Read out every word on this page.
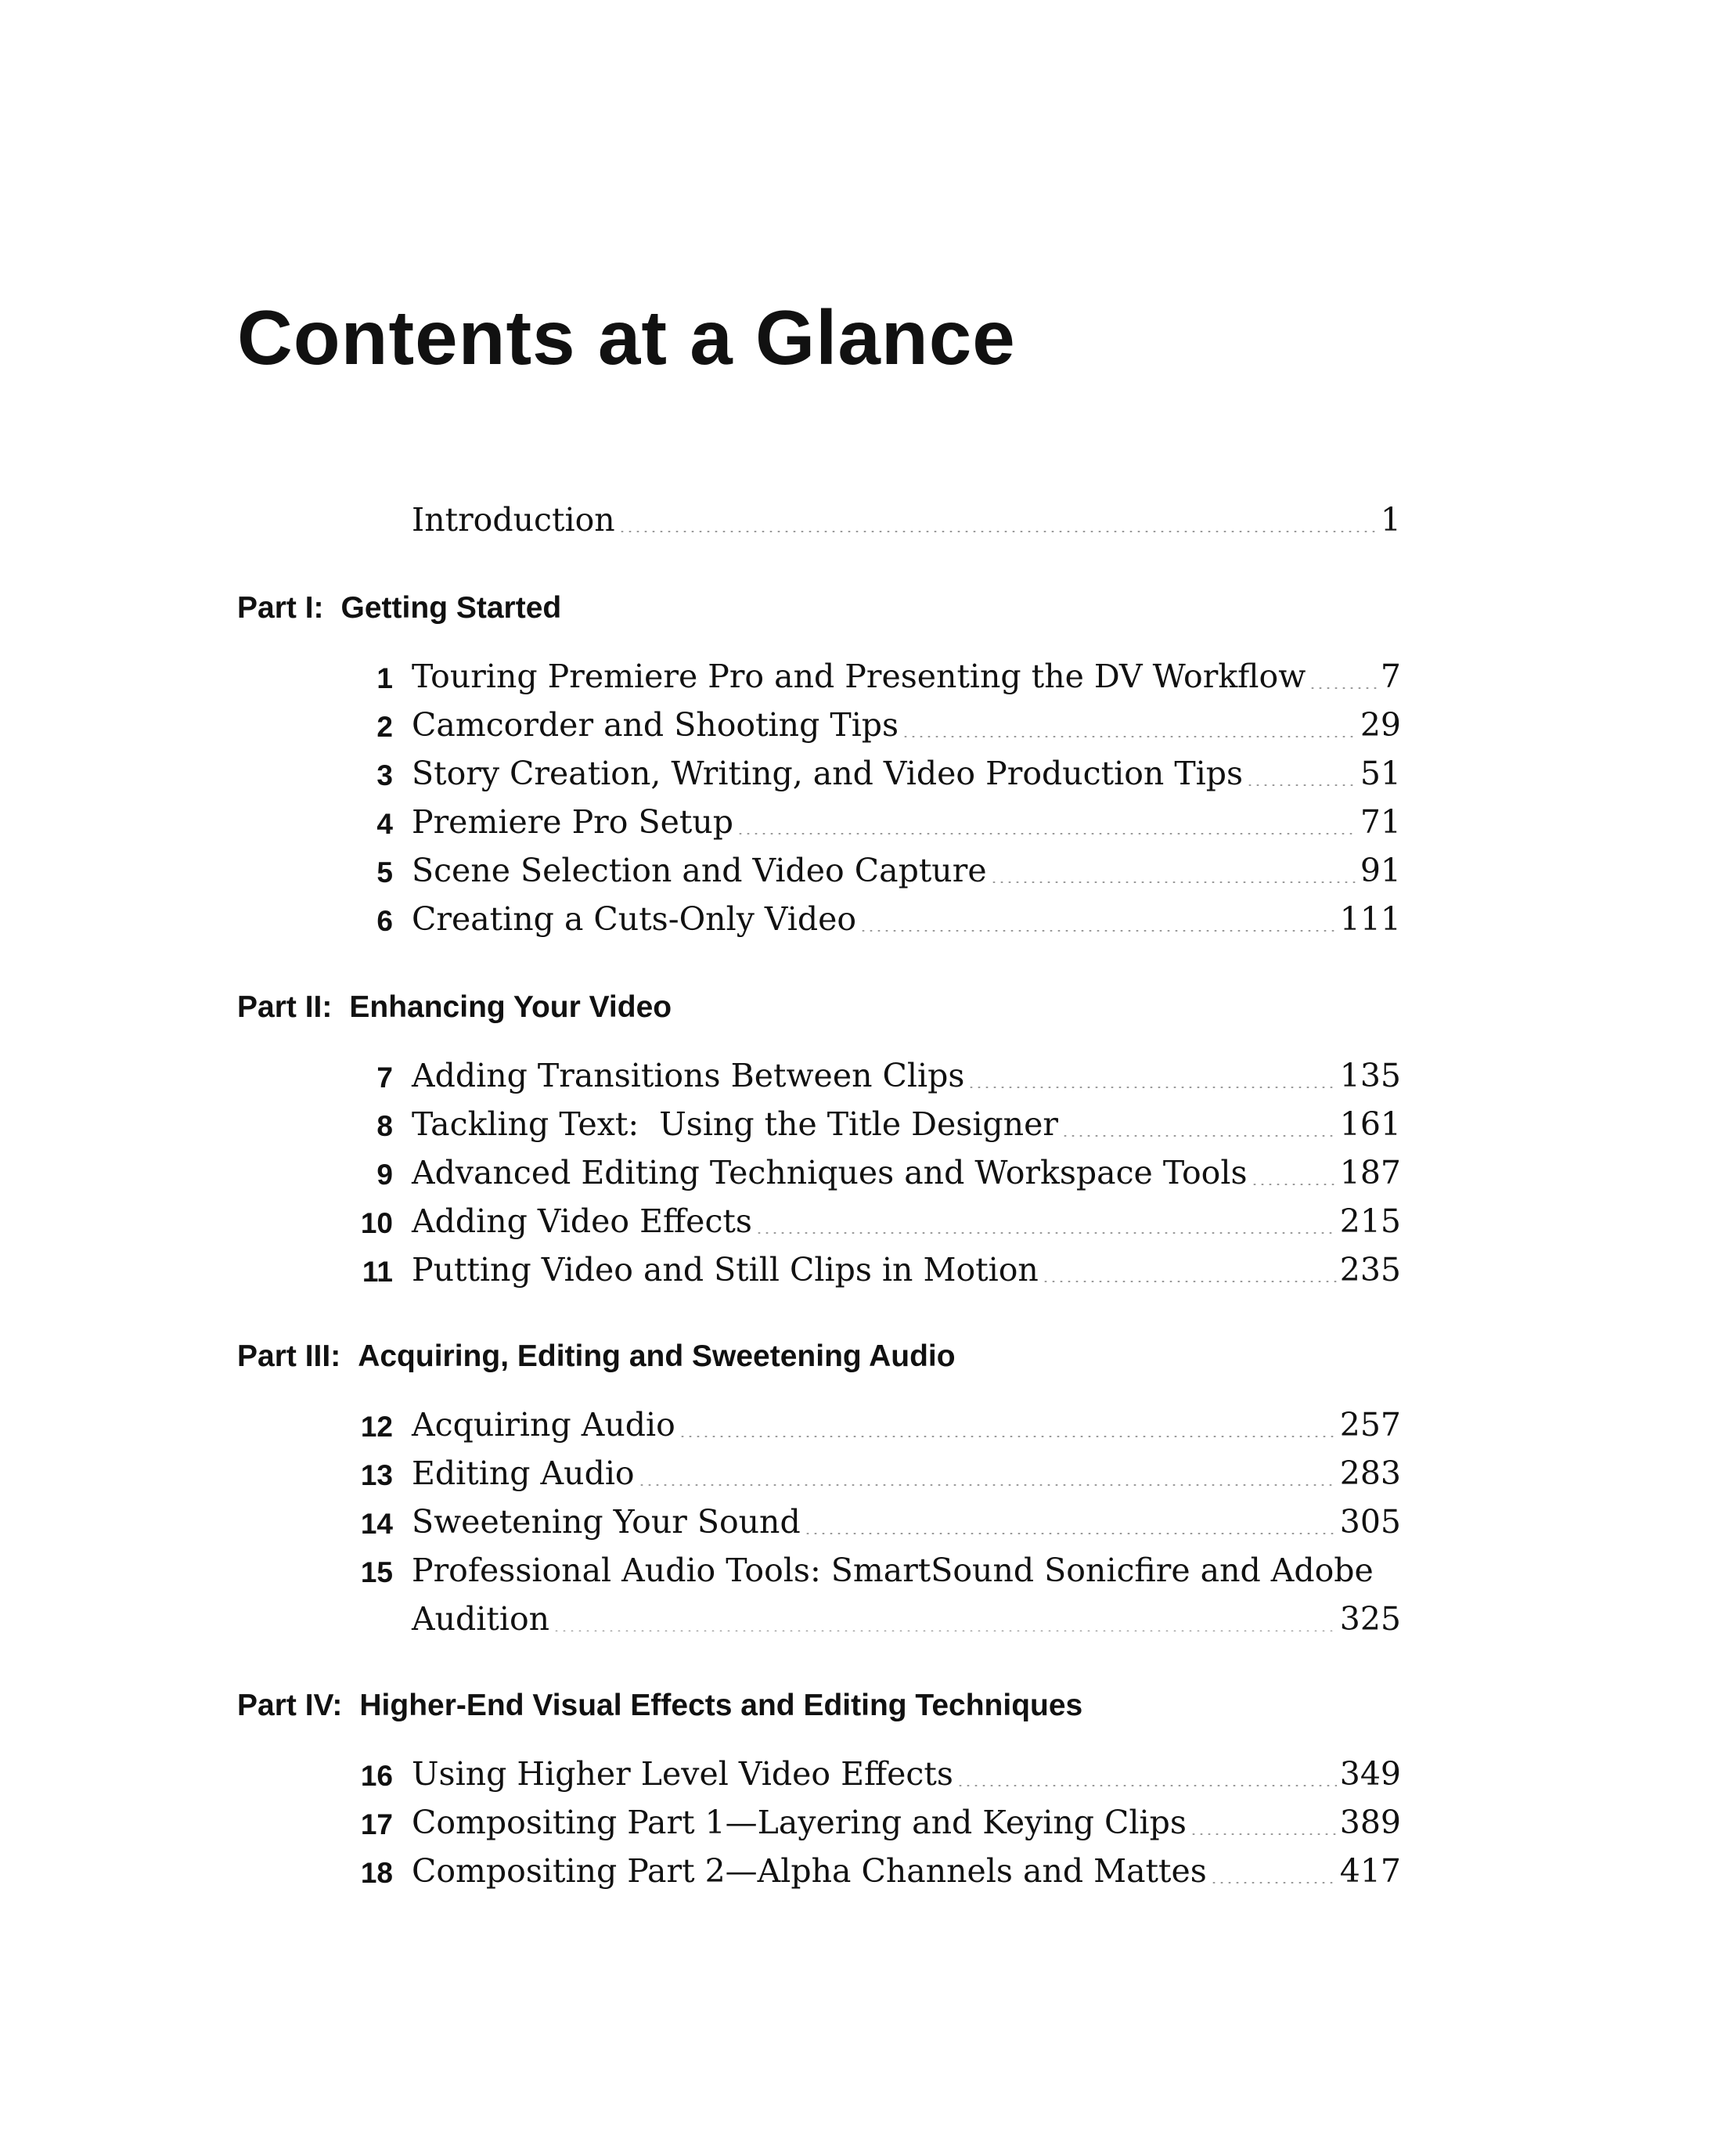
Contents at a Glance
Introduction	1
Part I: Getting Started
1 Touring Premiere Pro and Presenting the DV Workflow 7
2 Camcorder and Shooting Tips	29
3 Story Creation, Writing, and Video Production Tips	51
4 Premiere Pro Setup	71
5 Scene Selection and Video Capture	91
6 Creating a Cuts-Only Video	111
Part II: Enhancing Your Video
7 Adding Transitions Between Clips	135
8 Tackling Text:  Using the Title Designer	161
9 Advanced Editing Techniques and Workspace Tools	187
10 Adding Video Effects	215
11 Putting Video and Still Clips in Motion	235
Part III: Acquiring, Editing and Sweetening Audio
12 Acquiring Audio	257
13 Editing Audio	283
14 Sweetening Your Sound	305
15 Professional Audio Tools: SmartSound Sonicfire and Adobe
Audition	325
Part IV: Higher-End Visual Effects and Editing Techniques
16 Using Higher Level Video Effects	349
17 Compositing Part 1—Layering and Keying Clips	389
18 Compositing Part 2—Alpha Channels and Mattes	417
